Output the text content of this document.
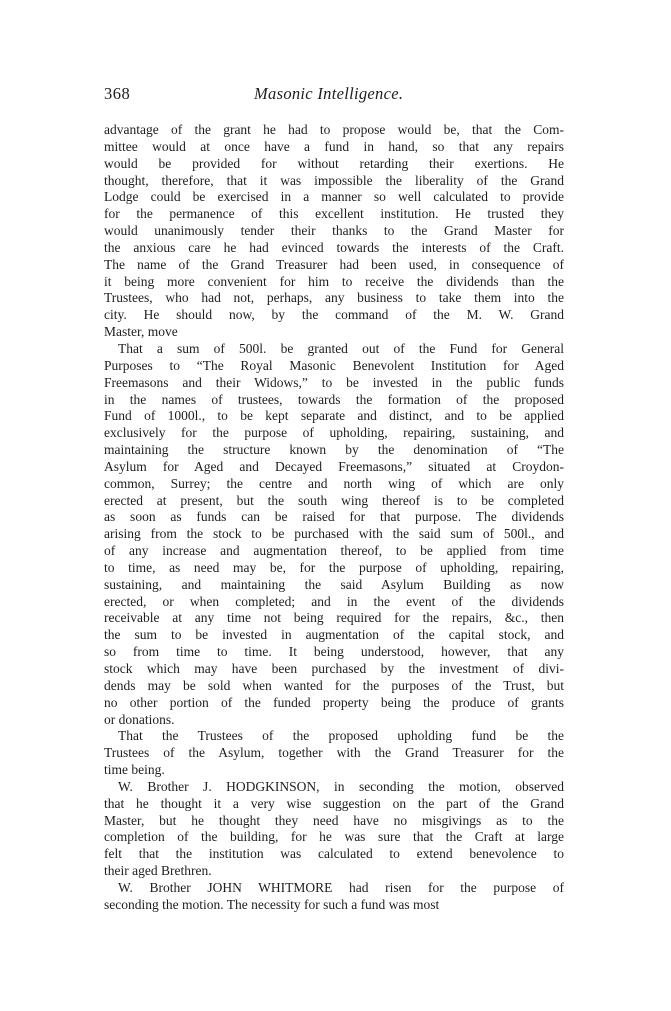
368	Masonic Intelligence.
advantage of the grant he had to propose would be, that the Com-
mittee would at once have a fund in hand, so that any repairs
would be provided for without retarding their exertions. He
thought, therefore, that it was impossible the liberality of the Grand
Lodge could be exercised in a manner so well calculated to provide
for the permanence of this excellent institution. He trusted they
would unanimously tender their thanks to the Grand Master for
the anxious care he had evinced towards the interests of the Craft.
The name of the Grand Treasurer had been used, in consequence of
it being more convenient for him to receive the dividends than the
Trustees, who had not, perhaps, any business to take them into the
city. He should now, by the command of the M. W. Grand
Master, move
That a sum of 500l. be granted out of the Fund for General
Purposes to “The Royal Masonic Benevolent Institution for Aged
Freemasons and their Widows,” to be invested in the public funds
in the names of trustees, towards the formation of the proposed
Fund of 1000l., to be kept separate and distinct, and to be applied
exclusively for the purpose of upholding, repairing, sustaining, and
maintaining the structure known by the denomination of “The
Asylum for Aged and Decayed Freemasons,” situated at Croydon-
common, Surrey; the centre and north wing of which are only
erected at present, but the south wing thereof is to be completed
as soon as funds can be raised for that purpose. The dividends
arising from the stock to be purchased with the said sum of 500l., and
of any increase and augmentation thereof, to be applied from time
to time, as need may be, for the purpose of upholding, repairing,
sustaining, and maintaining the said Asylum Building as now
erected, or when completed; and in the event of the dividends
receivable at any time not being required for the repairs, &c., then
the sum to be invested in augmentation of the capital stock, and
so from time to time. It being understood, however, that any
stock which may have been purchased by the investment of divi-
dends may be sold when wanted for the purposes of the Trust, but
no other portion of the funded property being the produce of grants
or donations.
That the Trustees of the proposed upholding fund be the
Trustees of the Asylum, together with the Grand Treasurer for the
time being.
W. Brother J. HODGKINSON, in seconding the motion, observed
that he thought it a very wise suggestion on the part of the Grand
Master, but he thought they need have no misgivings as to the
completion of the building, for he was sure that the Craft at large
felt that the institution was calculated to extend benevolence to
their aged Brethren.
W. Brother JOHN WHITMORE had risen for the purpose of
seconding the motion. The necessity for such a fund was most
